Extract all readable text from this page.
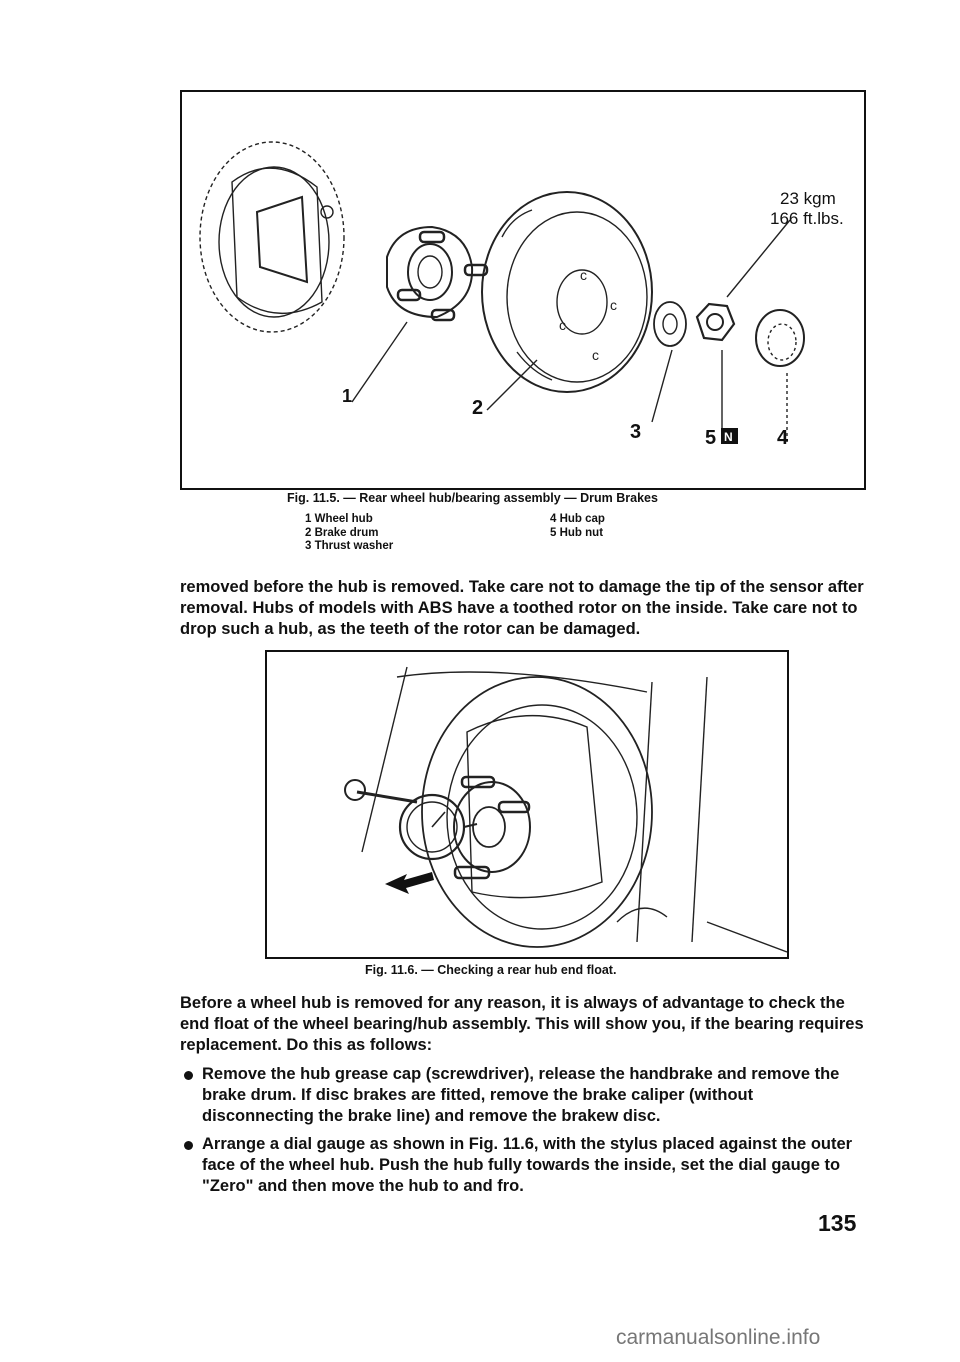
c
c
c
c
1
2
3	5 N 4
23 kgm
166 ft.lbs.
Fig. 11.5. — Rear wheel hub/bearing assembly — Drum Brakes
1 Wheel hub
2 Brake drum
3 Thrust washer
4 Hub cap
5 Hub nut
removed before the hub is removed. Take care not to damage the tip of the sensor after removal. Hubs of models with ABS have a toothed rotor on the inside. Take care not to drop such a hub, as the teeth of the rotor can be damaged.
Fig. 11.6. — Checking a rear hub end float.
Before a wheel hub is removed for any reason, it is always of advantage to check the end float of the wheel bearing/hub assembly. This will show you, if the bearing requires replacement. Do this as follows:
Remove the hub grease cap (screwdriver), release the handbrake and remove the brake drum. If disc brakes are fitted, remove the brake caliper (without disconnecting the brake line) and remove the brakew disc.
Arrange a dial gauge as shown in Fig. 11.6, with the stylus placed against the outer face of the wheel hub. Push the hub fully towards the inside, set the dial gauge to "Zero" and then move the hub to and fro.
135
carmanualsonline.info
